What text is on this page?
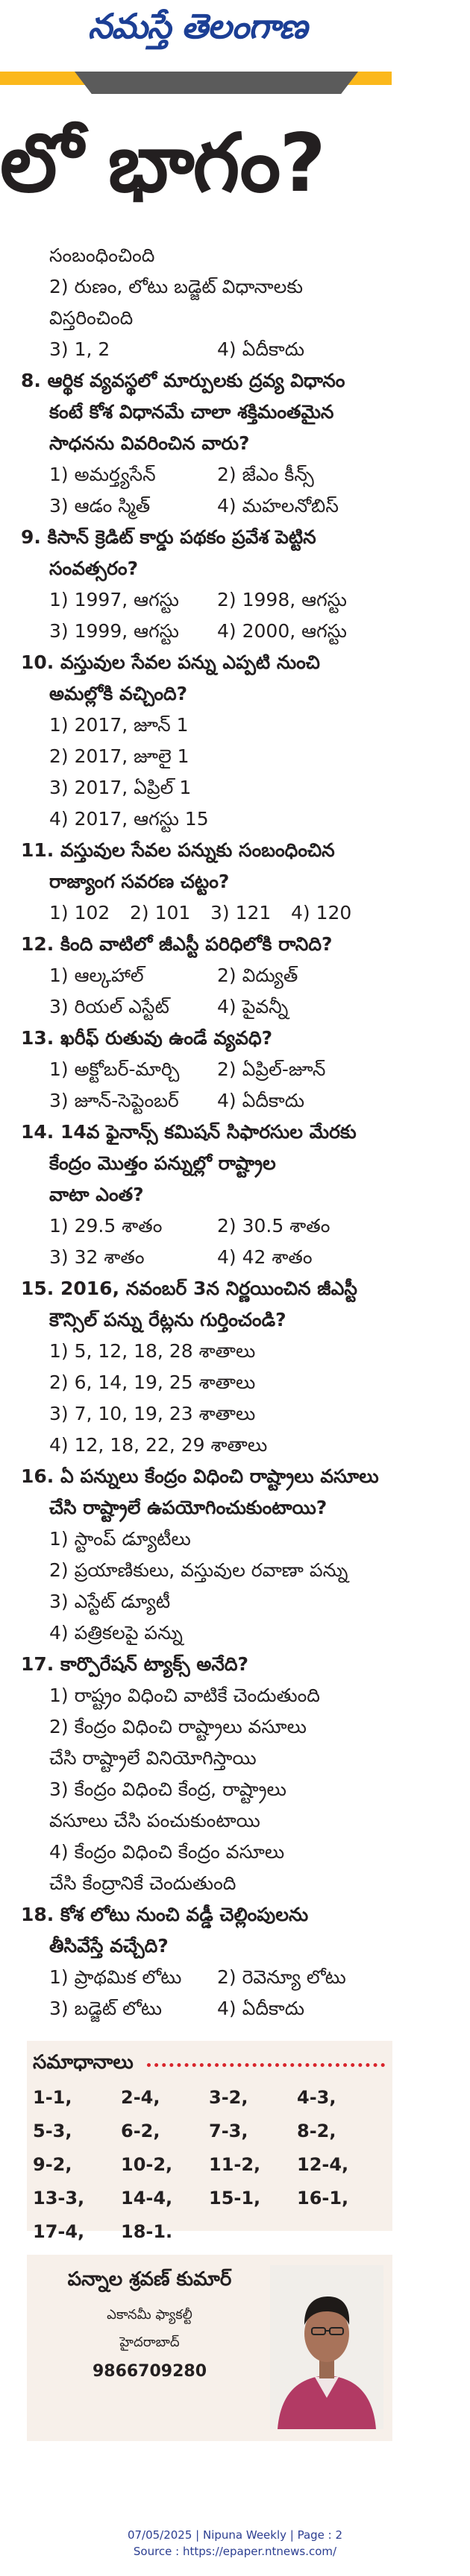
నమస్తే తెలంగాణ
లో భాగం?
సంబంధించింది
2) రుణం, లోటు బడ్జెట్ విధానాలకు
విస్తరించింది
3) 1, 2	4) ఏదీకాదు
8. ఆర్థిక వ్యవస్థలో మార్పులకు ద్రవ్య విధానం
కంటే కోశ విధానమే చాలా శక్తిమంతమైన
సాధనను వివరించిన వారు?
1) అమర్త్యసేన్	2) జేఎం కీన్స్
3) ఆడం స్మిత్	4) మహలనోబిస్
9. కిసాన్ క్రెడిట్ కార్డు పథకం ప్రవేశ పెట్టిన
సంవత్సరం?
1) 1997, ఆగస్టు	2) 1998, ఆగస్టు
3) 1999, ఆగస్టు	4) 2000, ఆగస్టు
10. వస్తువుల సేవల పన్ను ఎప్పటి నుంచి
అమల్లోకి వచ్చింది?
1) 2017, జూన్ 1
2) 2017, జూలై 1
3) 2017, ఏప్రిల్ 1
4) 2017, ఆగస్టు 15
11. వస్తువుల సేవల పన్నుకు సంబంధించిన
రాజ్యాంగ సవరణ చట్టం?
1) 102	2) 101	3) 121	4) 120
12. కింది వాటిలో జీఎస్టీ పరిధిలోకి రానిది?
1) ఆల్కహాల్	2) విద్యుత్
3) రియల్ ఎస్టేట్	4) పైవన్నీ
13. ఖరీఫ్ రుతువు ఉండే వ్యవధి?
1) అక్టోబర్-మార్చి	2) ఏప్రిల్-జూన్
3) జూన్-సెప్టెంబర్	4) ఏదీకాదు
14. 14వ ఫైనాన్స్ కమిషన్ సిఫారసుల మేరకు
కేంద్రం మొత్తం పన్నుల్లో రాష్ట్రాల
వాటా ఎంత?
1) 29.5 శాతం	2) 30.5 శాతం
3) 32 శాతం	4) 42 శాతం
15. 2016, నవంబర్ 3న నిర్ణయించిన జీఎస్టీ
కౌన్సిల్ పన్ను రేట్లను గుర్తించండి?
1) 5, 12, 18, 28 శాతాలు
2) 6, 14, 19, 25 శాతాలు
3) 7, 10, 19, 23 శాతాలు
4) 12, 18, 22, 29 శాతాలు
16. ఏ పన్నులు కేంద్రం విధించి రాష్ట్రాలు వసూలు
చేసి రాష్ట్రాలే ఉపయోగించుకుంటాయి?
1) స్టాంప్ డ్యూటీలు
2) ప్రయాణికులు, వస్తువుల రవాణా పన్ను
3) ఎస్టేట్ డ్యూటీ
4) పత్రికలపై పన్ను
17. కార్పొరేషన్ ట్యాక్స్ అనేది?
1) రాష్ట్రం విధించి వాటికే చెందుతుంది
2) కేంద్రం విధించి రాష్ట్రాలు వసూలు
చేసి రాష్ట్రాలే వినియోగిస్తాయి
3) కేంద్రం విధించి కేంద్ర, రాష్ట్రాలు
వసూలు చేసి పంచుకుంటాయి
4) కేంద్రం విధించి కేంద్రం వసూలు
చేసి కేంద్రానికే చెందుతుంది
18. కోశ లోటు నుంచి వడ్డీ చెల్లింపులను
తీసివేస్తే వచ్చేది?
1) ప్రాథమిక లోటు	2) రెవెన్యూ లోటు
3) బడ్జెట్ లోటు	4) ఏదీకాదు
సమాధానాలు
1-1,	2-4,	3-2,	4-3,
5-3,	6-2,	7-3,	8-2,
9-2,	10-2,	11-2,	12-4,
13-3,	14-4,	15-1,	16-1,
17-4,	18-1.
పన్నాల శ్రవణ్ కుమార్
ఎకానమీ ఫ్యాకల్టీ
హైదరాబాద్
9866709280
07/05/2025 | Nipuna Weekly | Page : 2
Source : https://epaper.ntnews.com/
